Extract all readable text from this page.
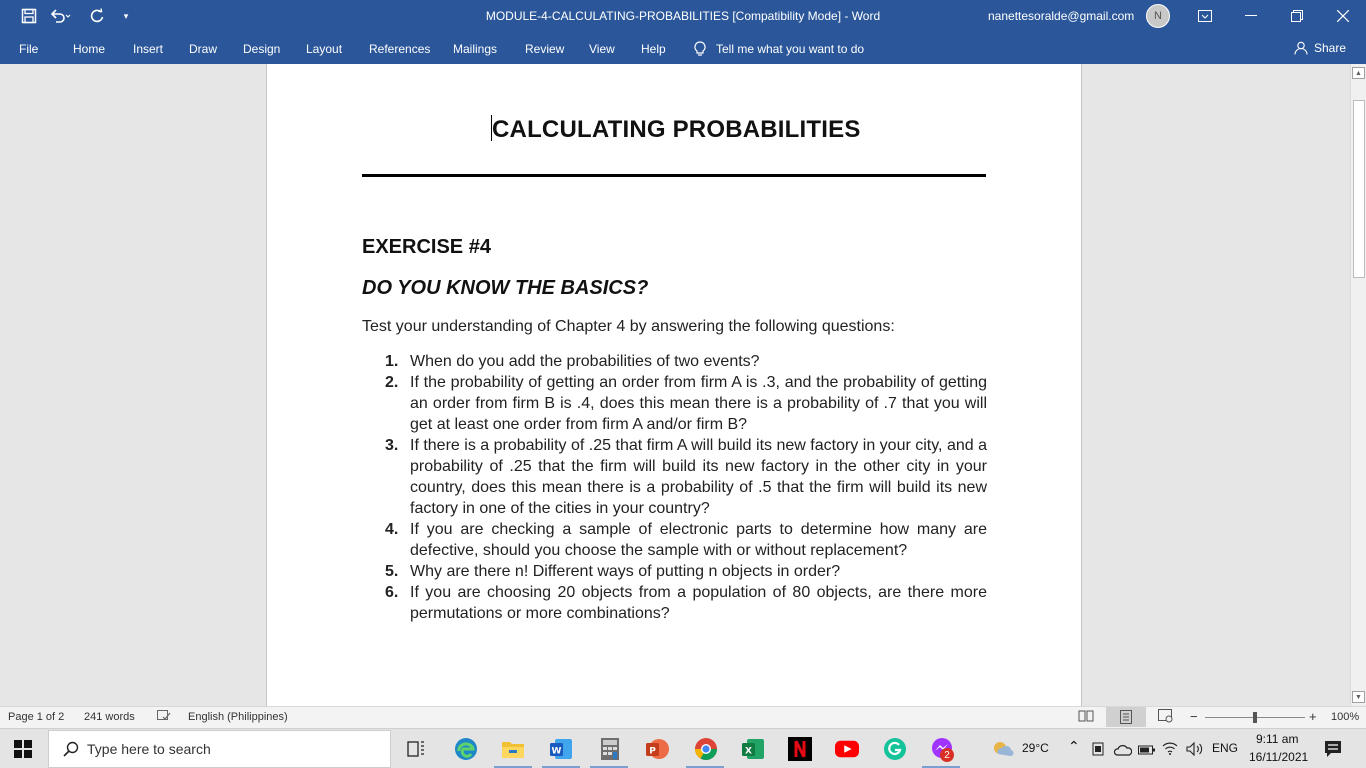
▾	MODULE-4-CALCULATING-PROBABILITIES [Compatibility Mode] - Word	nanettesoralde@gmail.com	N
File	Home Insert Draw Design Layout References Mailings Review View Help	Tell me what you want to do	Share
CALCULATING PROBABILITIES
EXERCISE #4
DO YOU KNOW THE BASICS?
Test your understanding of Chapter 4 by answering the following questions:
1. When do you add the probabilities of two events?
2. If the probability of getting an order from firm A is .3, and the probability of getting an order from firm B is .4, does this mean there is a probability of .7 that you will get at least one order from firm A and/or firm B?
3. If there is a probability of .25 that firm A will build its new factory in your city, and a probability of .25 that the firm will build its new factory in the other city in your country, does this mean there is a probability of .5 that the firm will build its new factory in one of the cities in your country?
4. If you are checking a sample of electronic parts to determine how many are defective, should you choose the sample with or without replacement?
5. Why are there n! Different ways of putting n objects in order?
6. If you are choosing 20 objects from a population of 80 objects, are there more permutations or more combinations?
▲
▼
Page 1 of 2 241 words	English (Philippines)	−	+ 100%
Type here to search	W	P	X	2	29°C ⌃	ENG
9:11 am
16/11/2021
